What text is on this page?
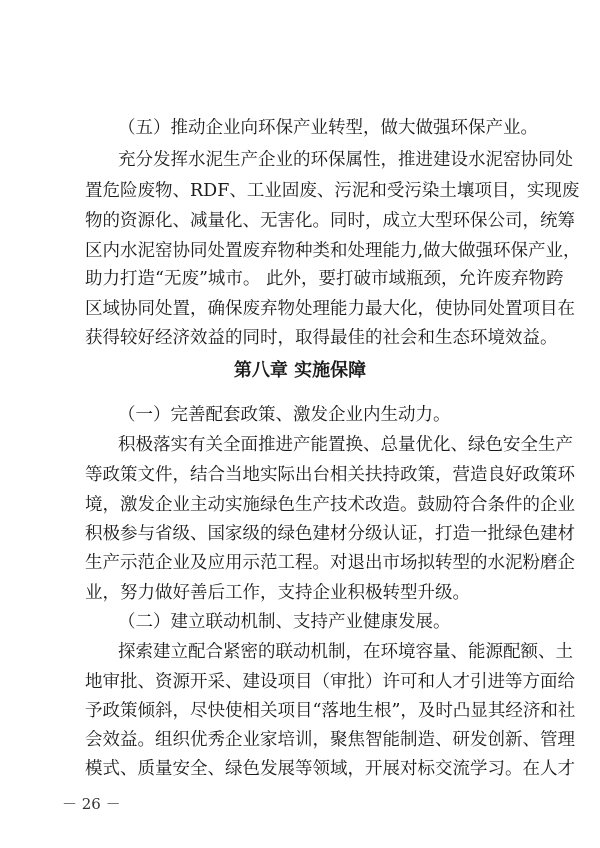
（五）推动企业向环保产业转型，做大做强环保产业。
充分发挥水泥生产企业的环保属性，推进建设水泥窑协同处
置危险废物、RDF、工业固废、污泥和受污染土壤项目，实现废
物的资源化、减量化、无害化。同时，成立大型环保公司，统筹
区内水泥窑协同处置废弃物种类和处理能力,做大做强环保产业，
助力打造“无废”城市。 此外，要打破市域瓶颈，允许废弃物跨
区域协同处置，确保废弃物处理能力最大化，使协同处置项目在
获得较好经济效益的同时，取得最佳的社会和生态环境效益。
第八章 实施保障
（一）完善配套政策、激发企业内生动力。
积极落实有关全面推进产能置换、总量优化、绿色安全生产
等政策文件，结合当地实际出台相关扶持政策，营造良好政策环
境，激发企业主动实施绿色生产技术改造。鼓励符合条件的企业
积极参与省级、国家级的绿色建材分级认证，打造一批绿色建材
生产示范企业及应用示范工程。对退出市场拟转型的水泥粉磨企
业，努力做好善后工作，支持企业积极转型升级。
（二）建立联动机制、支持产业健康发展。
探索建立配合紧密的联动机制，在环境容量、能源配额、土
地审批、资源开采、建设项目（审批）许可和人才引进等方面给
予政策倾斜，尽快使相关项目“落地生根”，及时凸显其经济和社
会效益。组织优秀企业家培训，聚焦智能制造、研发创新、管理
模式、质量安全、绿色发展等领域，开展对标交流学习。在人才
－ 26 －
